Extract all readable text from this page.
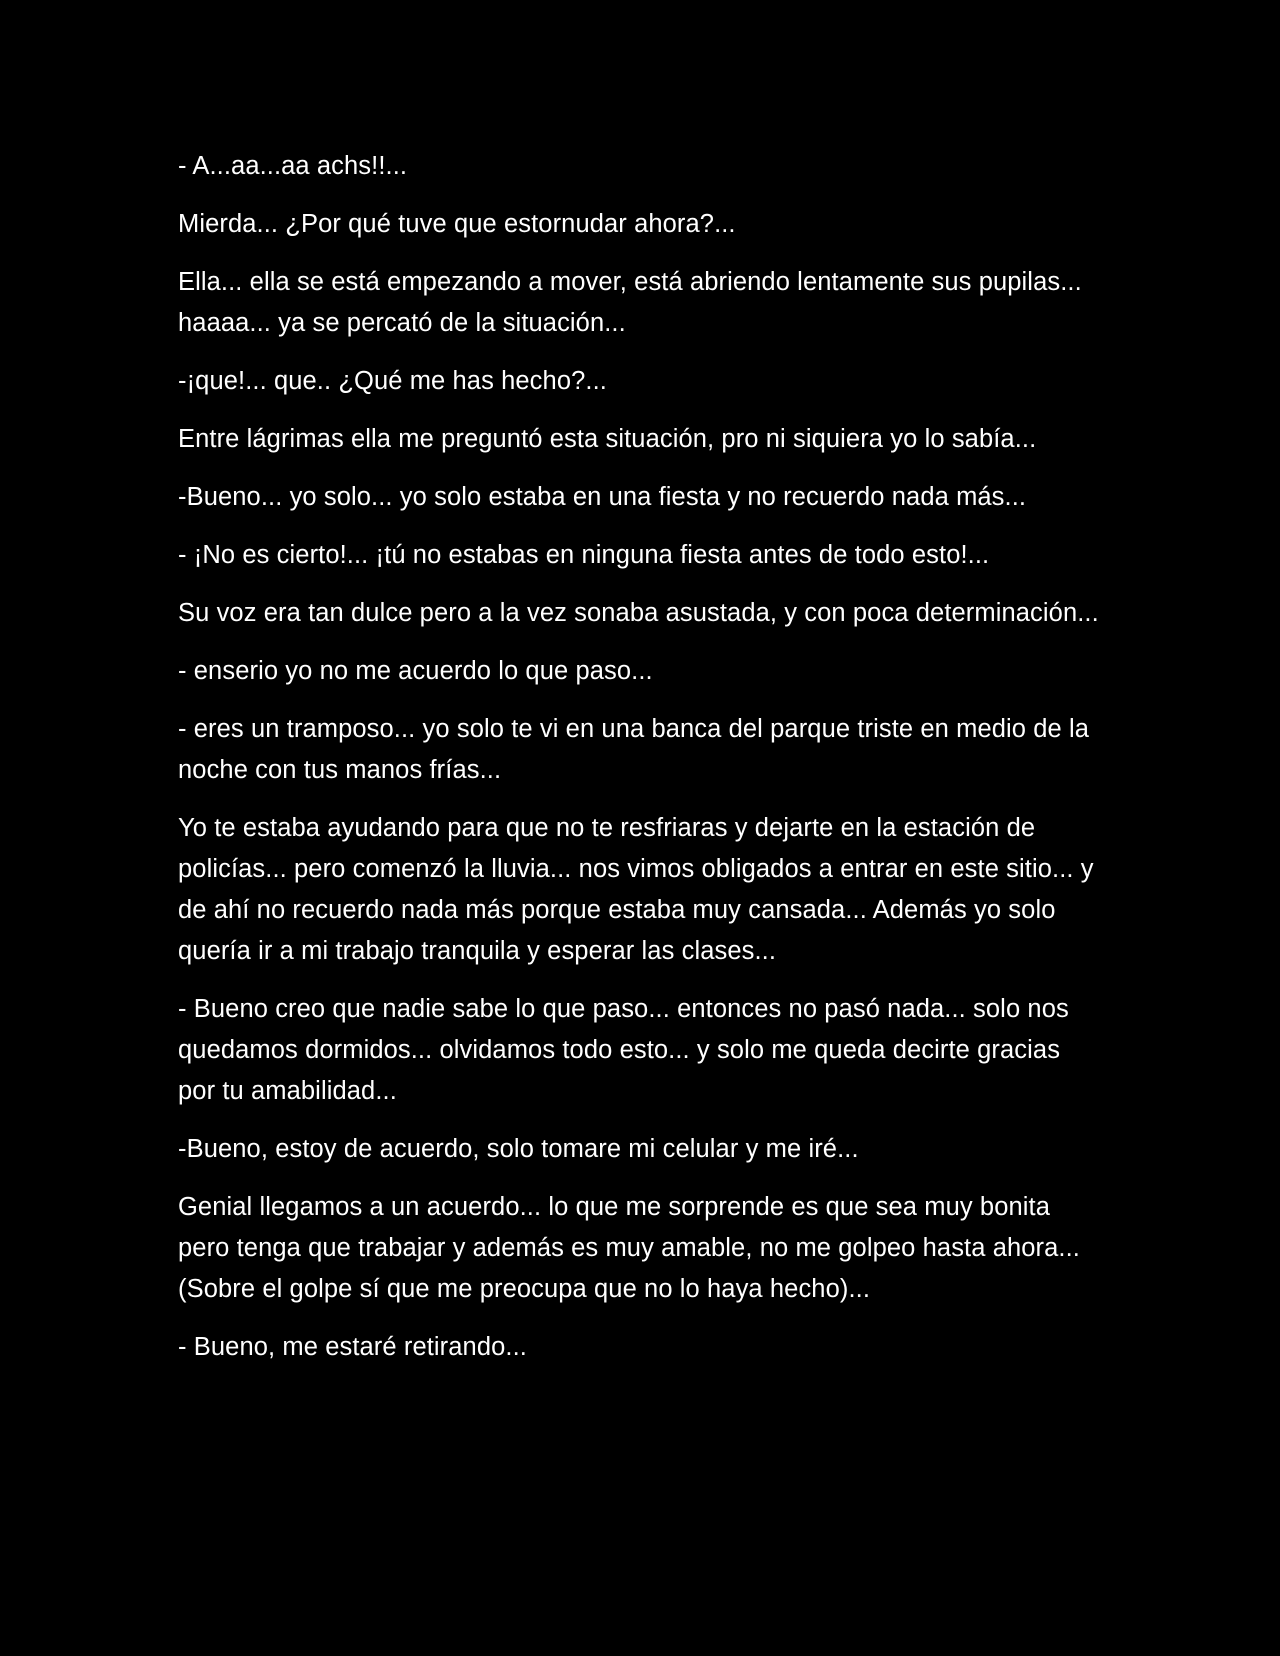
- A...aa...aa achs!!...

Mierda... ¿Por qué tuve que estornudar ahora?...

Ella... ella se está empezando a mover, está abriendo lentamente sus pupilas... haaaa... ya se percató de la situación...

-¡que!... que.. ¿Qué me has hecho?...

Entre lágrimas ella me preguntó esta situación, pro ni siquiera yo lo sabía...

-Bueno... yo solo... yo solo estaba en una fiesta y no recuerdo nada más...

- ¡No es cierto!... ¡tú no estabas en ninguna fiesta antes de todo esto!...

Su voz era tan dulce pero a la vez sonaba asustada, y con poca determinación...

- enserio yo no me acuerdo lo que paso...

- eres un tramposo... yo solo te vi en una banca del parque triste en medio de la noche con tus manos frías...

Yo te estaba ayudando para que no te resfriaras y dejarte en la estación de policías... pero comenzó la lluvia... nos vimos obligados a entrar en este sitio... y de ahí no recuerdo nada más porque estaba muy cansada... Además yo solo quería ir a mi trabajo tranquila y esperar las clases...

- Bueno creo que nadie sabe lo que paso... entonces no pasó nada... solo nos quedamos dormidos... olvidamos todo esto... y solo me queda decirte gracias por tu amabilidad...

-Bueno, estoy de acuerdo, solo tomare mi celular y me iré...

Genial llegamos a un acuerdo... lo que me sorprende es que sea muy bonita pero tenga que trabajar y además es muy amable, no me golpeo hasta ahora... (Sobre el golpe sí que me preocupa que no lo haya hecho)...

- Bueno, me estaré retirando...
